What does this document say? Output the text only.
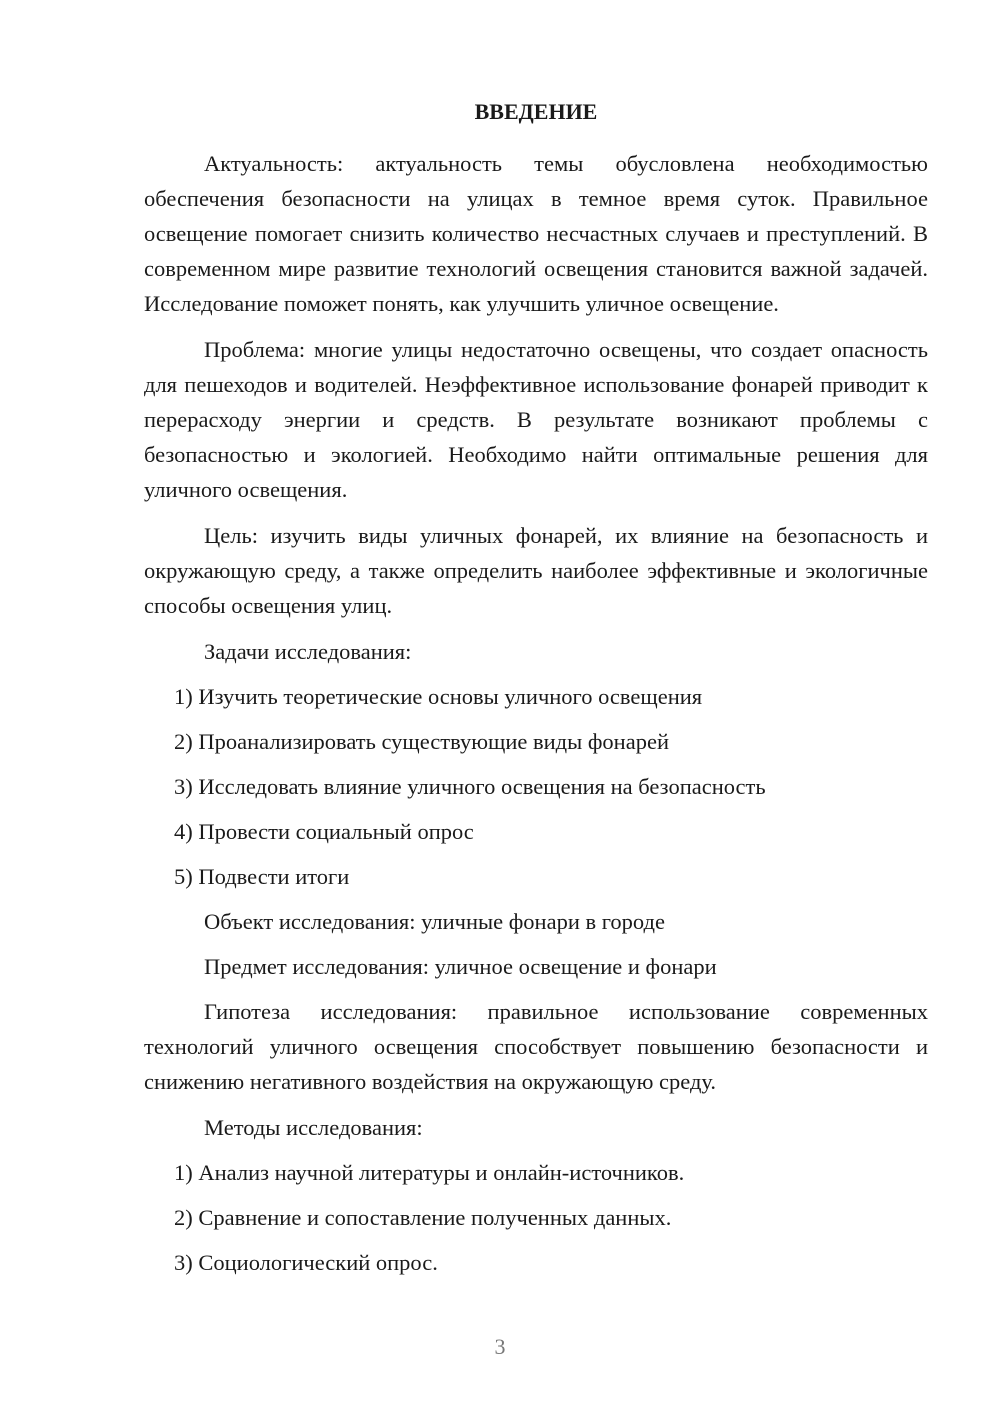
ВВЕДЕНИЕ

Актуальность: актуальность темы обусловлена необходимостью обеспечения безопасности на улицах в темное время суток. Правильное освещение помогает снизить количество несчастных случаев и преступлений. В современном мире развитие технологий освещения становится важной задачей. Исследование поможет понять, как улучшить уличное освещение.

Проблема: многие улицы недостаточно освещены, что создает опасность для пешеходов и водителей. Неэффективное использование фонарей приводит к перерасходу энергии и средств. В результате возникают проблемы с безопасностью и экологией. Необходимо найти оптимальные решения для уличного освещения.

Цель: изучить виды уличных фонарей, их влияние на безопасность и окружающую среду, а также определить наиболее эффективные и экологичные способы освещения улиц.

Задачи исследования:
1) Изучить теоретические основы уличного освещения
2) Проанализировать существующие виды фонарей
3) Исследовать влияние уличного освещения на безопасность
4) Провести социальный опрос
5) Подвести итоги
Объект исследования: уличные фонари в городе
Предмет исследования: уличное освещение и фонари

Гипотеза исследования: правильное использование современных технологий уличного освещения способствует повышению безопасности и снижению негативного воздействия на окружающую среду.

Методы исследования:
1) Анализ научной литературы и онлайн-источников.
2) Сравнение и сопоставление полученных данных.
3) Социологический опрос.
3
